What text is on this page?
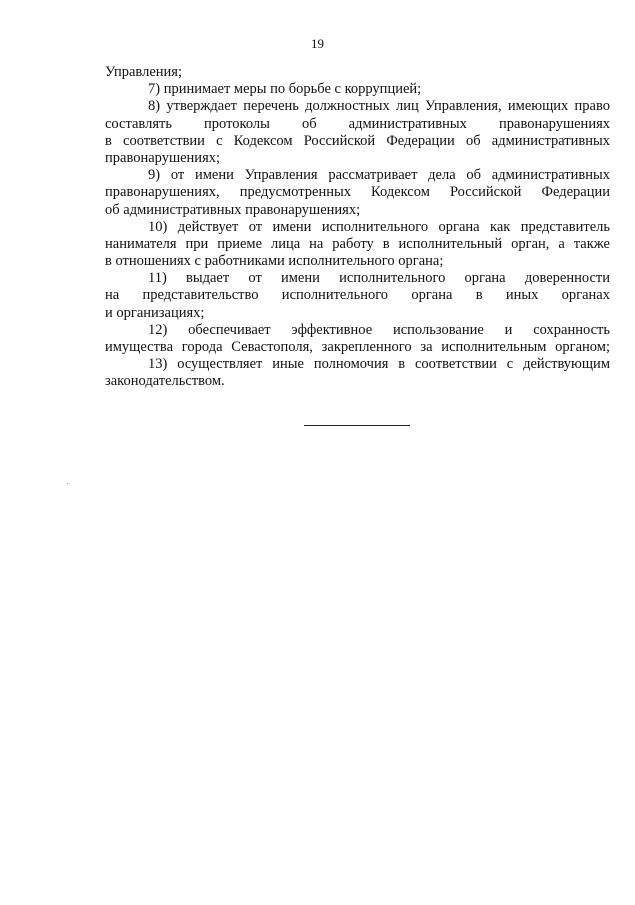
19
Управления;
7) принимает меры по борьбе с коррупцией;
8) утверждает перечень должностных лиц Управления, имеющих право
составлять протоколы об административных правонарушениях
в соответствии с Кодексом Российской Федерации об административных
правонарушениях;
9) от имени Управления рассматривает дела об административных
правонарушениях, предусмотренных Кодексом Российской Федерации
об административных правонарушениях;
10) действует от имени исполнительного органа как представитель
нанимателя при приеме лица на работу в исполнительный орган, а также
в отношениях с работниками исполнительного органа;
11) выдает от имени исполнительного органа доверенности
на представительство исполнительного органа в иных органах
и организациях;
12) обеспечивает эффективное использование и сохранность
имущества города Севастополя, закрепленного за исполнительным органом;
13) осуществляет иные полномочия в соответствии с действующим
законодательством.
